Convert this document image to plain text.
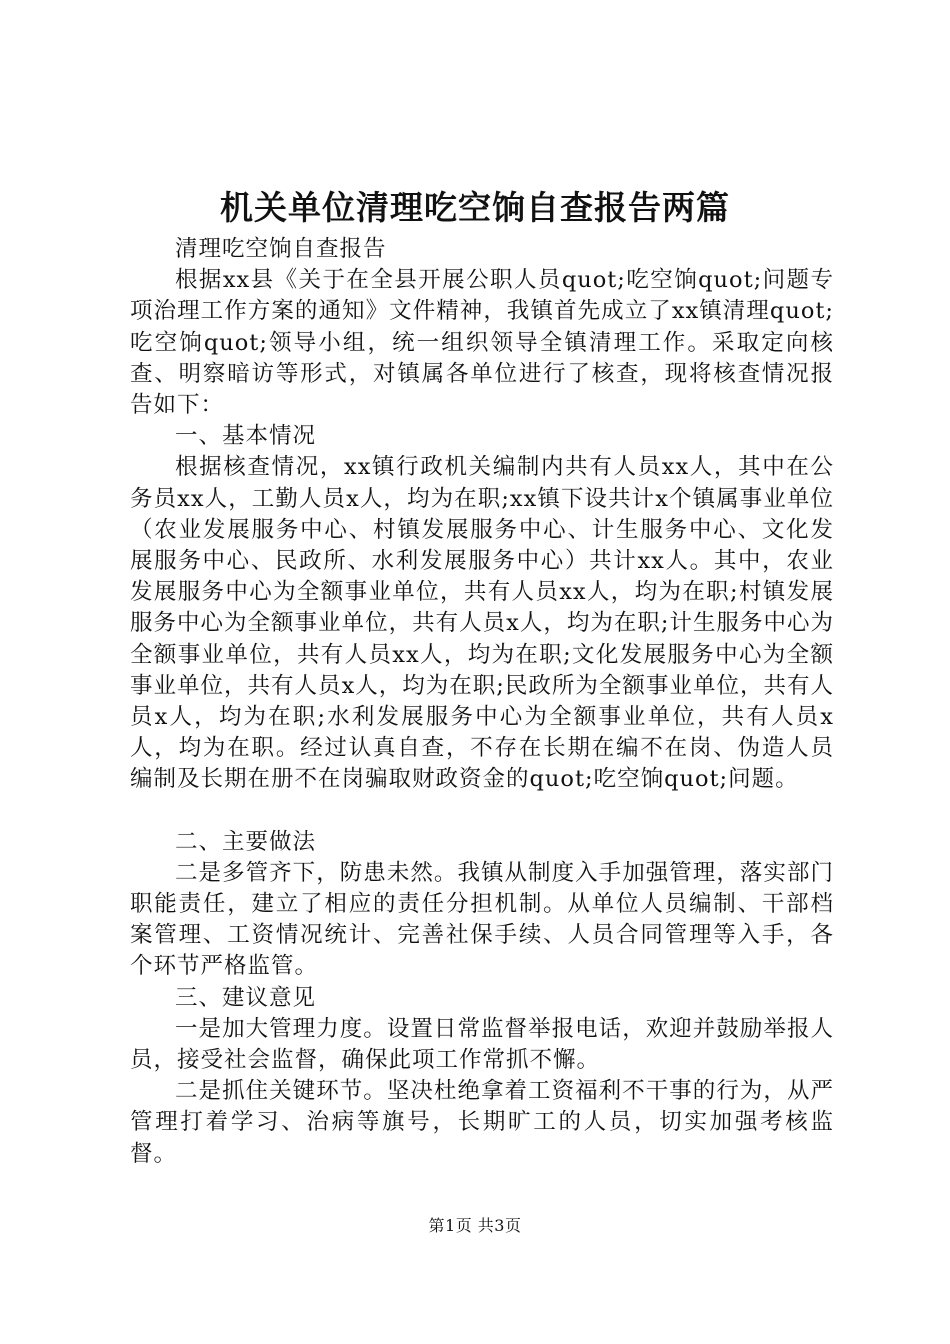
机关单位清理吃空饷自查报告两篇

清理吃空饷自查报告

根据xx县《关于在全县开展公职人员quot;吃空饷quot;问题专项治理工作方案的通知》文件精神，我镇首先成立了xx镇清理quot;吃空饷quot;领导小组，统一组织领导全镇清理工作。采取定向核查、明察暗访等形式，对镇属各单位进行了核查，现将核查情况报告如下：

一、基本情况

根据核查情况，xx镇行政机关编制内共有人员xx人，其中在公务员xx人，工勤人员x人，均为在职;xx镇下设共计x个镇属事业单位（农业发展服务中心、村镇发展服务中心、计生服务中心、文化发展服务中心、民政所、水利发展服务中心）共计xx人。其中，农业发展服务中心为全额事业单位，共有人员xx人，均为在职;村镇发展服务中心为全额事业单位，共有人员x人，均为在职;计生服务中心为全额事业单位，共有人员xx人，均为在职;文化发展服务中心为全额事业单位，共有人员x人，均为在职;民政所为全额事业单位，共有人员x人，均为在职;水利发展服务中心为全额事业单位，共有人员x人，均为在职。经过认真自查，不存在长期在编不在岗、伪造人员编制及长期在册不在岗骗取财政资金的quot;吃空饷quot;问题。

二、主要做法

二是多管齐下，防患未然。我镇从制度入手加强管理，落实部门职能责任，建立了相应的责任分担机制。从单位人员编制、干部档案管理、工资情况统计、完善社保手续、人员合同管理等入手，各个环节严格监管。

三、建议意见

一是加大管理力度。设置日常监督举报电话，欢迎并鼓励举报人员，接受社会监督，确保此项工作常抓不懈。

二是抓住关键环节。坚决杜绝拿着工资福利不干事的行为，从严管理打着学习、治病等旗号，长期旷工的人员，切实加强考核监督。

第1页 共3页
